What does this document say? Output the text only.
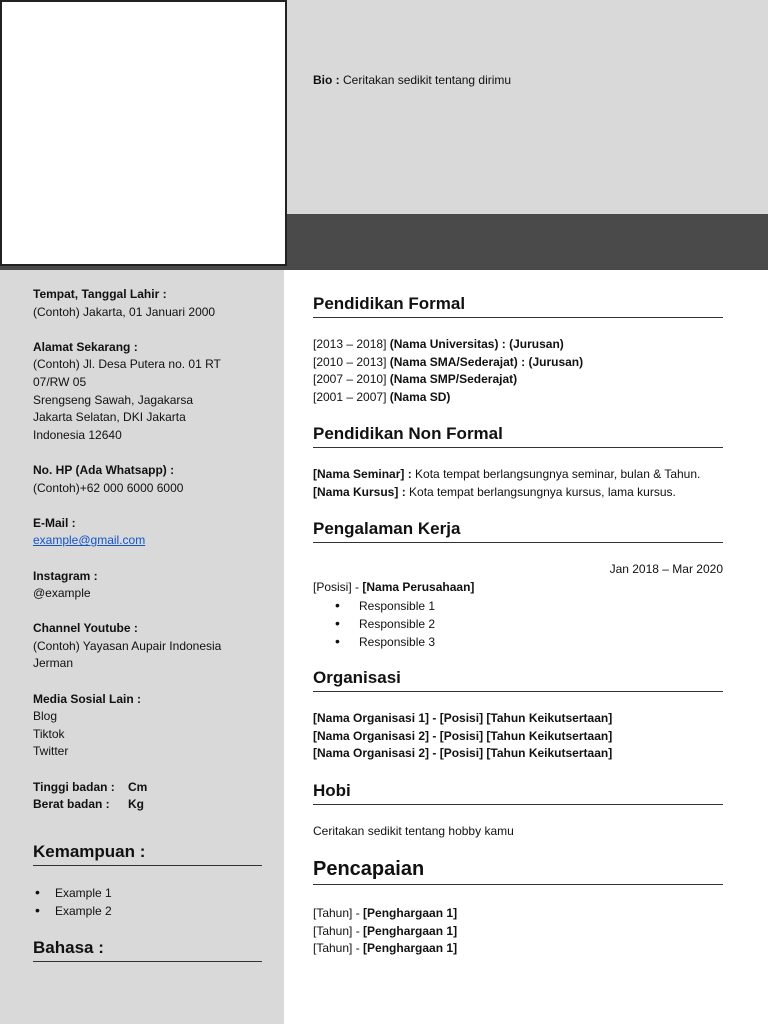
Nama Lengkap
Bio : Ceritakan sedikit tentang dirimu
Tempat, Tanggal Lahir :
(Contoh) Jakarta, 01 Januari 2000
Alamat Sekarang :
(Contoh) Jl. Desa Putera no. 01 RT
07/RW 05
Srengseng Sawah, Jagakarsa
Jakarta Selatan, DKI Jakarta
Indonesia 12640
No. HP (Ada Whatsapp) :
(Contoh)+62 000 6000 6000
E-Mail :
example@gmail.com
Instagram :
@example
Channel Youtube :
(Contoh) Yayasan Aupair Indonesia
Jerman
Media Sosial Lain :
Blog
Tiktok
Twitter
Tinggi badan :	Cm
Berat badan :	Kg
Kemampuan :
• Example 1
• Example 2
Bahasa :
Pendidikan Formal
[2013 – 2018] (Nama Universitas) : (Jurusan)
[2010 – 2013] (Nama SMA/Sederajat) : (Jurusan)
[2007 – 2010] (Nama SMP/Sederajat)
[2001 – 2007] (Nama SD)
Pendidikan Non Formal
[Nama Seminar] : Kota tempat berlangsungnya seminar, bulan & Tahun.
[Nama Kursus] : Kota tempat berlangsungnya kursus, lama kursus.
Pengalaman Kerja
Jan 2018 – Mar 2020
[Posisi] - [Nama Perusahaan]
• Responsible 1
• Responsible 2
• Responsible 3
Organisasi
[Nama Organisasi 1] - [Posisi] [Tahun Keikutsertaan]
[Nama Organisasi 2] - [Posisi] [Tahun Keikutsertaan]
[Nama Organisasi 2] - [Posisi] [Tahun Keikutsertaan]
Hobi
Ceritakan sedikit tentang hobby kamu
Pencapaian
[Tahun] - [Penghargaan 1]
[Tahun] - [Penghargaan 1]
[Tahun] - [Penghargaan 1]
